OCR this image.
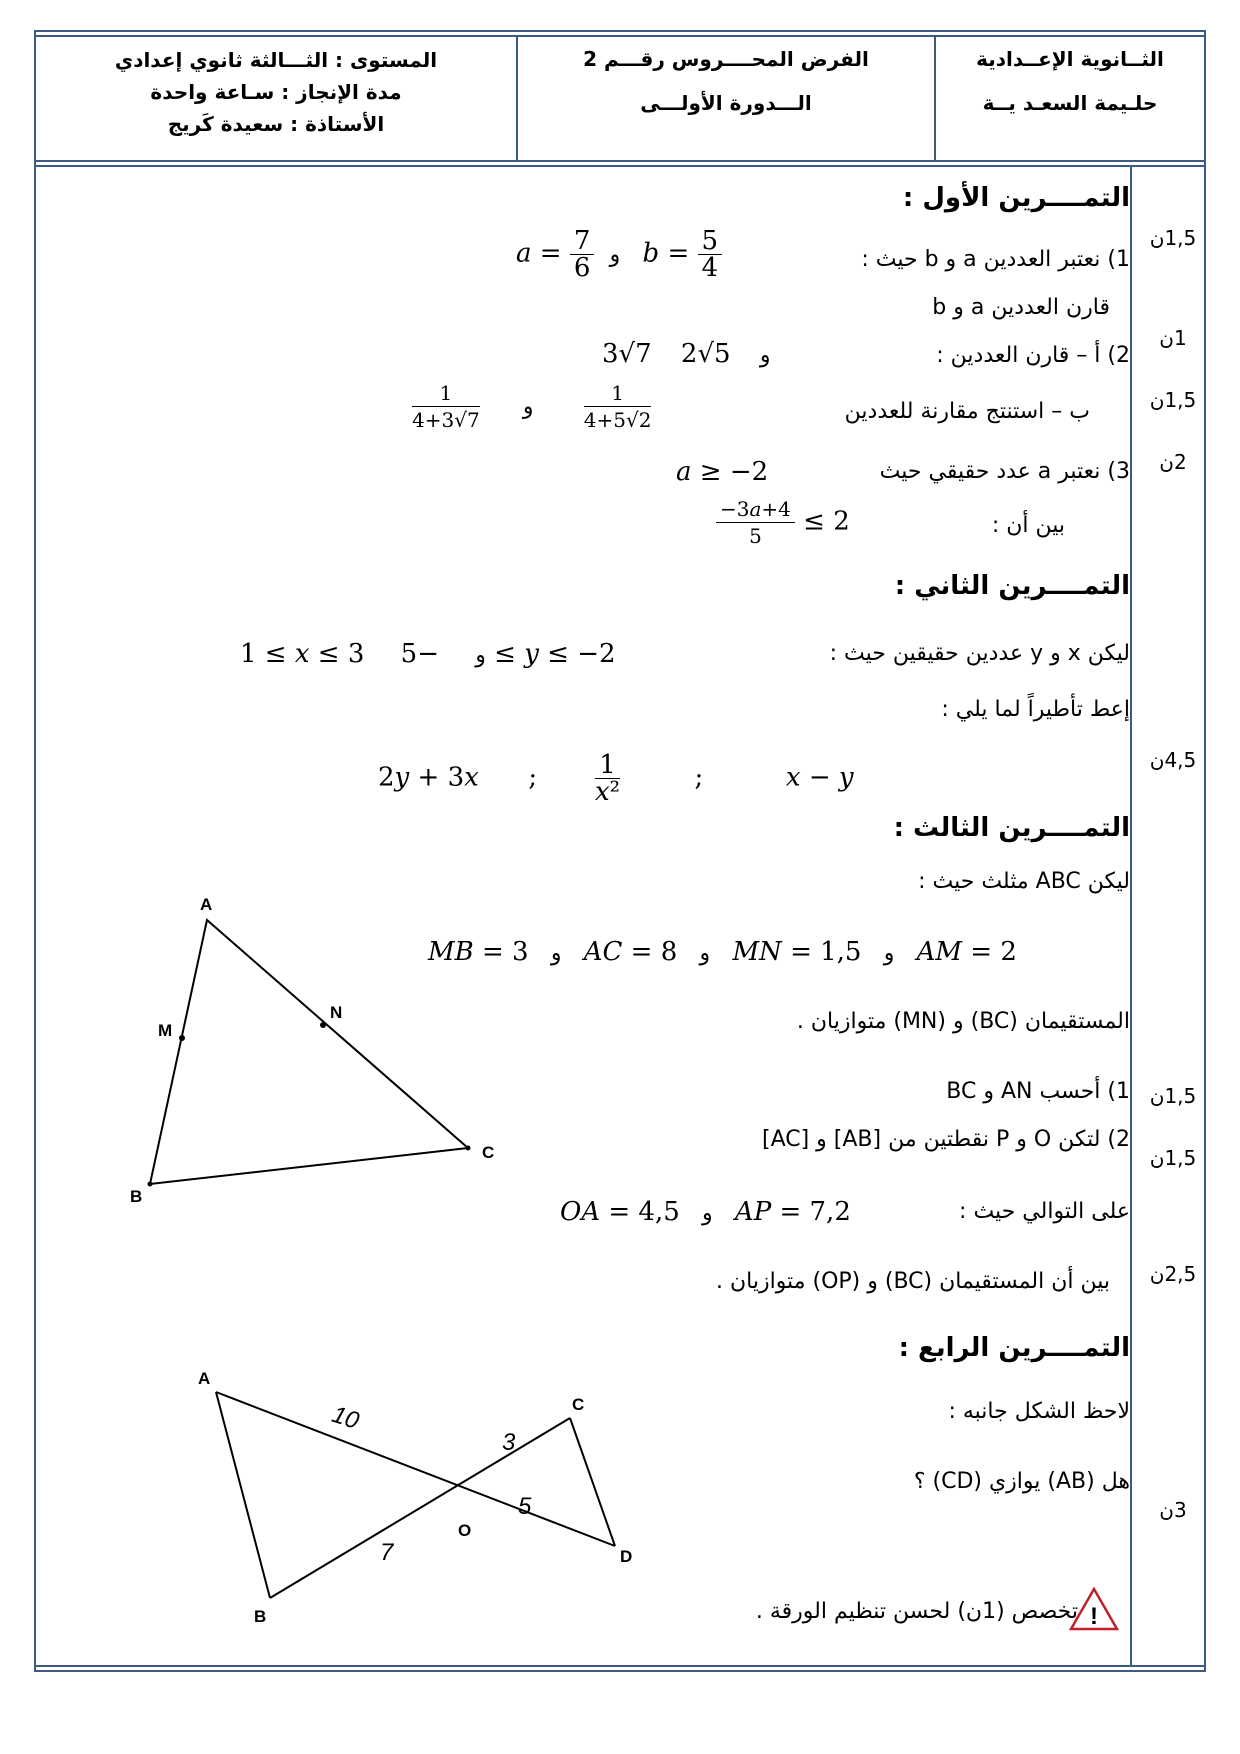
الثــانوية الإعــدادية
حلـيمة السعـد يــة
الفرض المحــــروس رقـــم 2
الـــدورة الأولـــى
المستوى : الثـــالثة ثانوي إعدادي
مدة الإنجاز : سـاعة واحدة
الأستاذة : سعيدة كَريج
1,5ن
1ن
1,5ن
2ن
4,5ن
1,5ن
1,5ن
2,5ن
3ن
التمــــرين الأول :
1) نعتبر العددين a و b حيث :
$a = \frac{7}{6}$ و   $b = \frac{5}{4}$
قارن العددين a و b
2) أ – قارن العددين :
3√7    و    5√2
ب – استنتج مقارنة للعددين
$\frac{1}{4+3√7}$ و $\frac{1}{4+5√2}$
3) نعتبر a عدد حقيقي حيث
a ≥ −2
بين أن :
$\frac{-3a+4}{5} \le 2$
التمــــرين الثاني :
ليكن x و y عددين حقيقين حيث :
1 ≤ x ≤ 3     و     −5 ≤ y ≤ −2
إعط تأطيراً لما يلي :
2y + 3x      ; $\frac{1}{\text{x²}}$ ;          x − y
التمــــرين الثالث :
ليكن ABC مثلث حيث :
MB = 3   و   AC = 8   و   MN = 1,5   و   AM = 2
المستقيمان (BC) و (MN) متوازيان .
1) أحسب AN و BC
2) لتكن O و P نقطتين من [AB] و [AC]
على التوالي حيث :
OA = 4,5   و   AP = 7,2
بين أن المستقيمان (BC) و (OP) متوازيان .
التمــــرين الرابع :
لاحظ الشكل جانبه :
هل (AB) يوازي (CD) ؟
تخصص (1ن) لحسن تنظيم الورقة . !
A
M
N
C
B
A
B
C
D
O
10
3
7
5
